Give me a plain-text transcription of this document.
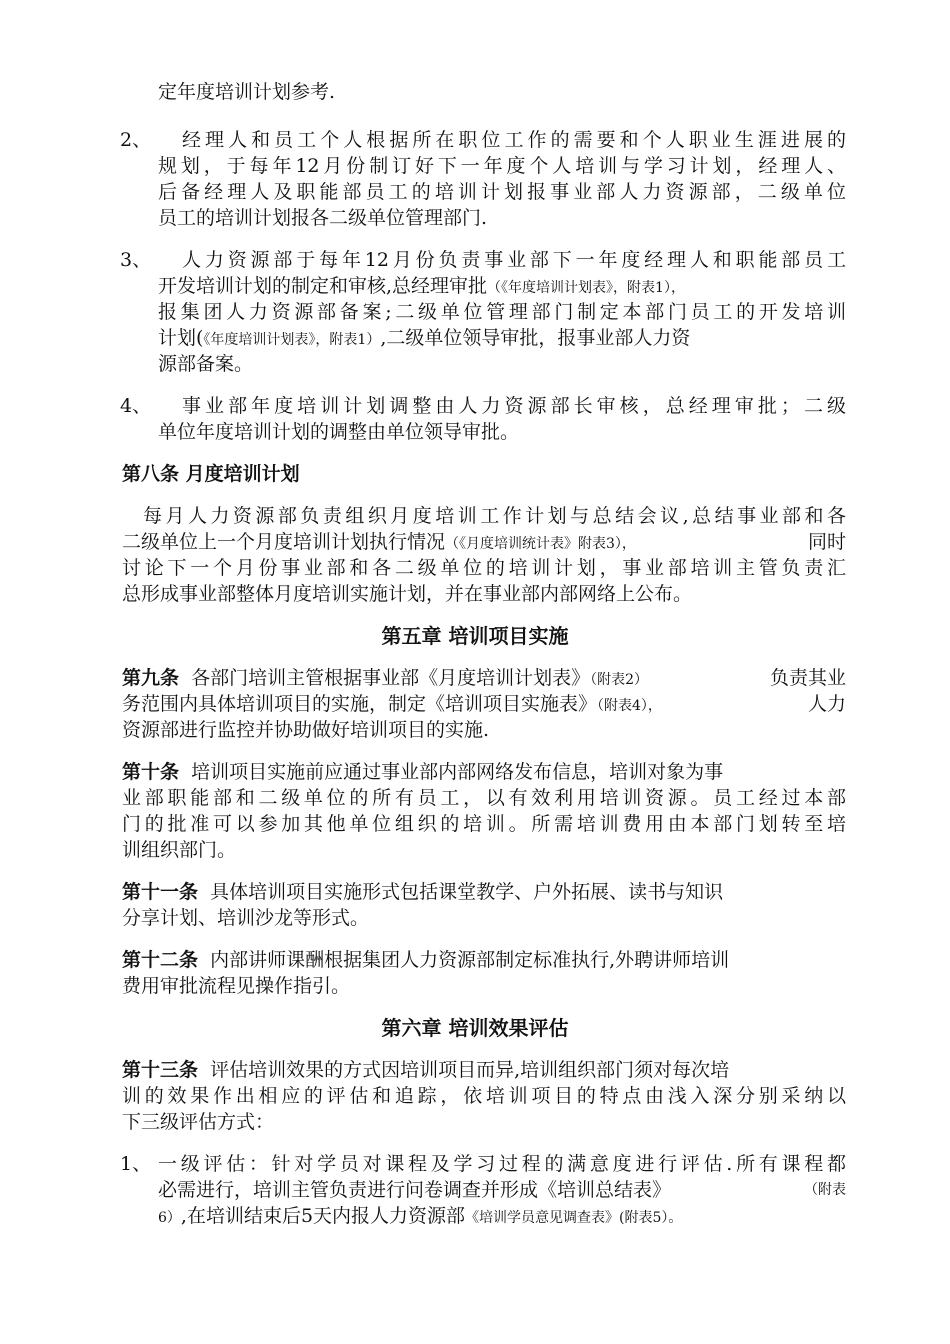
定年度培训计划参考.
2、 经理人和员工个人根据所在职位工作的需要和个人职业生涯进展的
规划，于每年12月份制订好下一年度个人培训与学习计划，经理人、
后备经理人及职能部员工的培训计划报事业部人力资源部，二级单位
员工的培训计划报各二级单位管理部门.
3、 人力资源部于每年12月份负责事业部下一年度经理人和职能部员工
开发培训计划的制定和审核,总经理审批（《年度培训计划表》，附表1），
报集团人力资源部备案;二级单位管理部门制定本部门员工的开发培训
计划(《年度培训计划表》，附表1）,二级单位领导审批，报事业部人力资
源部备案。
4、 事业部年度培训计划调整由人力资源部长审核，总经理审批；二级
单位年度培训计划的调整由单位领导审批。
第八条 月度培训计划
每月人力资源部负责组织月度培训工作计划与总结会议,总结事业部和各
二级单位上一个月度培训计划执行情况（《月度培训统计表》附表3），	同时
讨论下一个月份事业部和各二级单位的培训计划，事业部培训主管负责汇
总形成事业部整体月度培训实施计划，并在事业部内部网络上公布。
第五章 培训项目实施
第九条 各部门培训主管根据事业部《月度培训计划表》（附表2）	负责其业
务范围内具体培训项目的实施，制定《培训项目实施表》（附表4），	人力
资源部进行监控并协助做好培训项目的实施.
第十条 培训项目实施前应通过事业部内部网络发布信息，培训对象为事
业部职能部和二级单位的所有员工，以有效利用培训资源。员工经过本部
门的批准可以参加其他单位组织的培训。所需培训费用由本部门划转至培
训组织部门。
第十一条 具体培训项目实施形式包括课堂教学、户外拓展、读书与知识
分享计划、培训沙龙等形式。
第十二条 内部讲师课酬根据集团人力资源部制定标准执行,外聘讲师培训
费用审批流程见操作指引。
第六章 培训效果评估
第十三条 评估培训效果的方式因培训项目而异,培训组织部门须对每次培
训的效果作出相应的评估和追踪，依培训项目的特点由浅入深分别采纳以
下三级评估方式：
1、 一级评估：针对学员对课程及学习过程的满意度进行评估.所有课程都
必需进行，培训主管负责进行问卷调查并形成《培训总结表》	（附表
6）,在培训结束后5天内报人力资源部《培训学员意见调查表》(附表5）。
